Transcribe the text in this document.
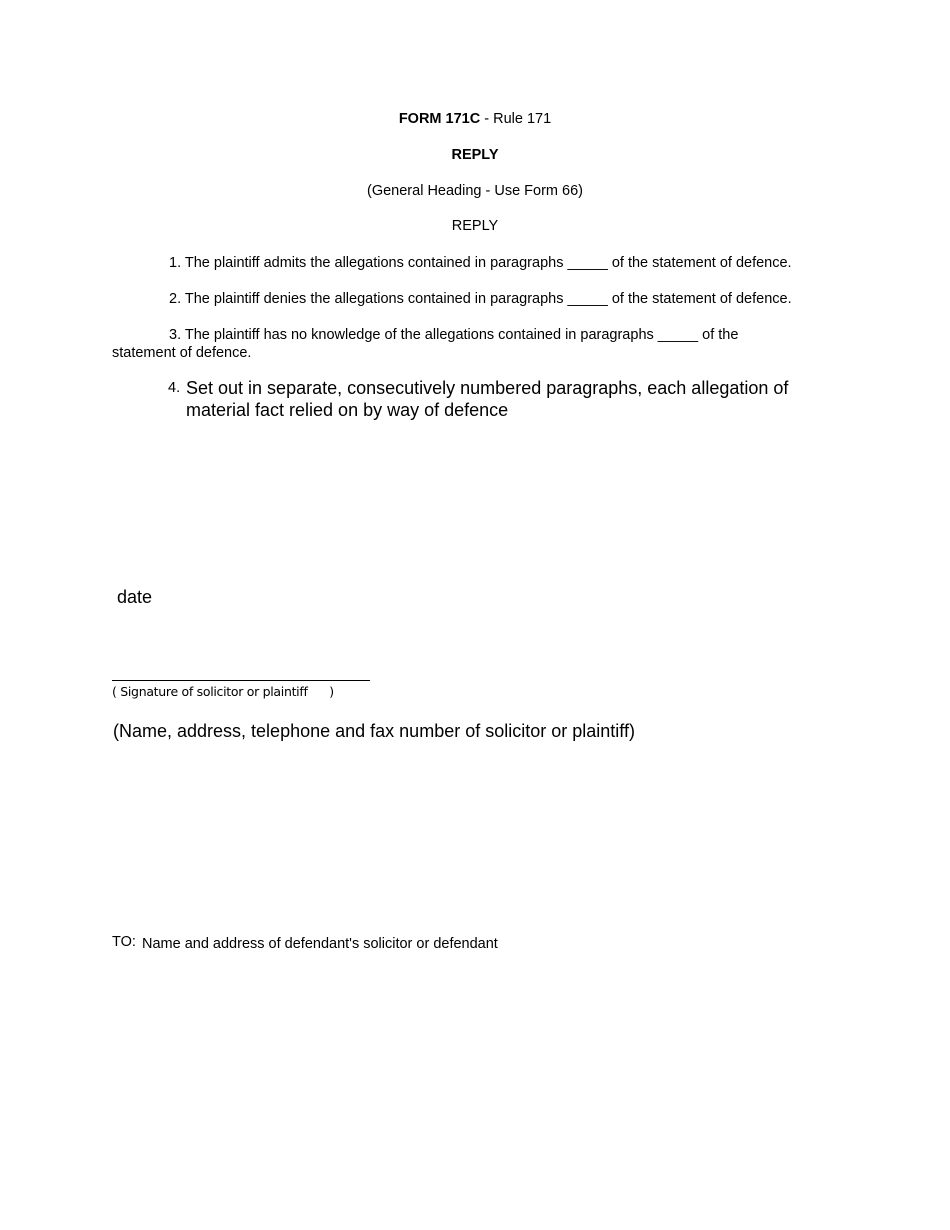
FORM 171C - Rule 171
REPLY
(General Heading - Use Form 66)
REPLY
1. The plaintiff admits the allegations contained in paragraphs _____ of the statement of defence.
2. The plaintiff denies the allegations contained in paragraphs _____ of the statement of defence.
3. The plaintiff has no knowledge of the allegations contained in paragraphs _____ of the
statement of defence.
4. Set out in separate, consecutively numbered paragraphs, each allegation of
material fact relied on by way of defence
date
( Signature of solicitor or plaintiff )
(Name, address, telephone and fax number of solicitor or plaintiff)
TO: Name and address of defendant's solicitor or defendant
